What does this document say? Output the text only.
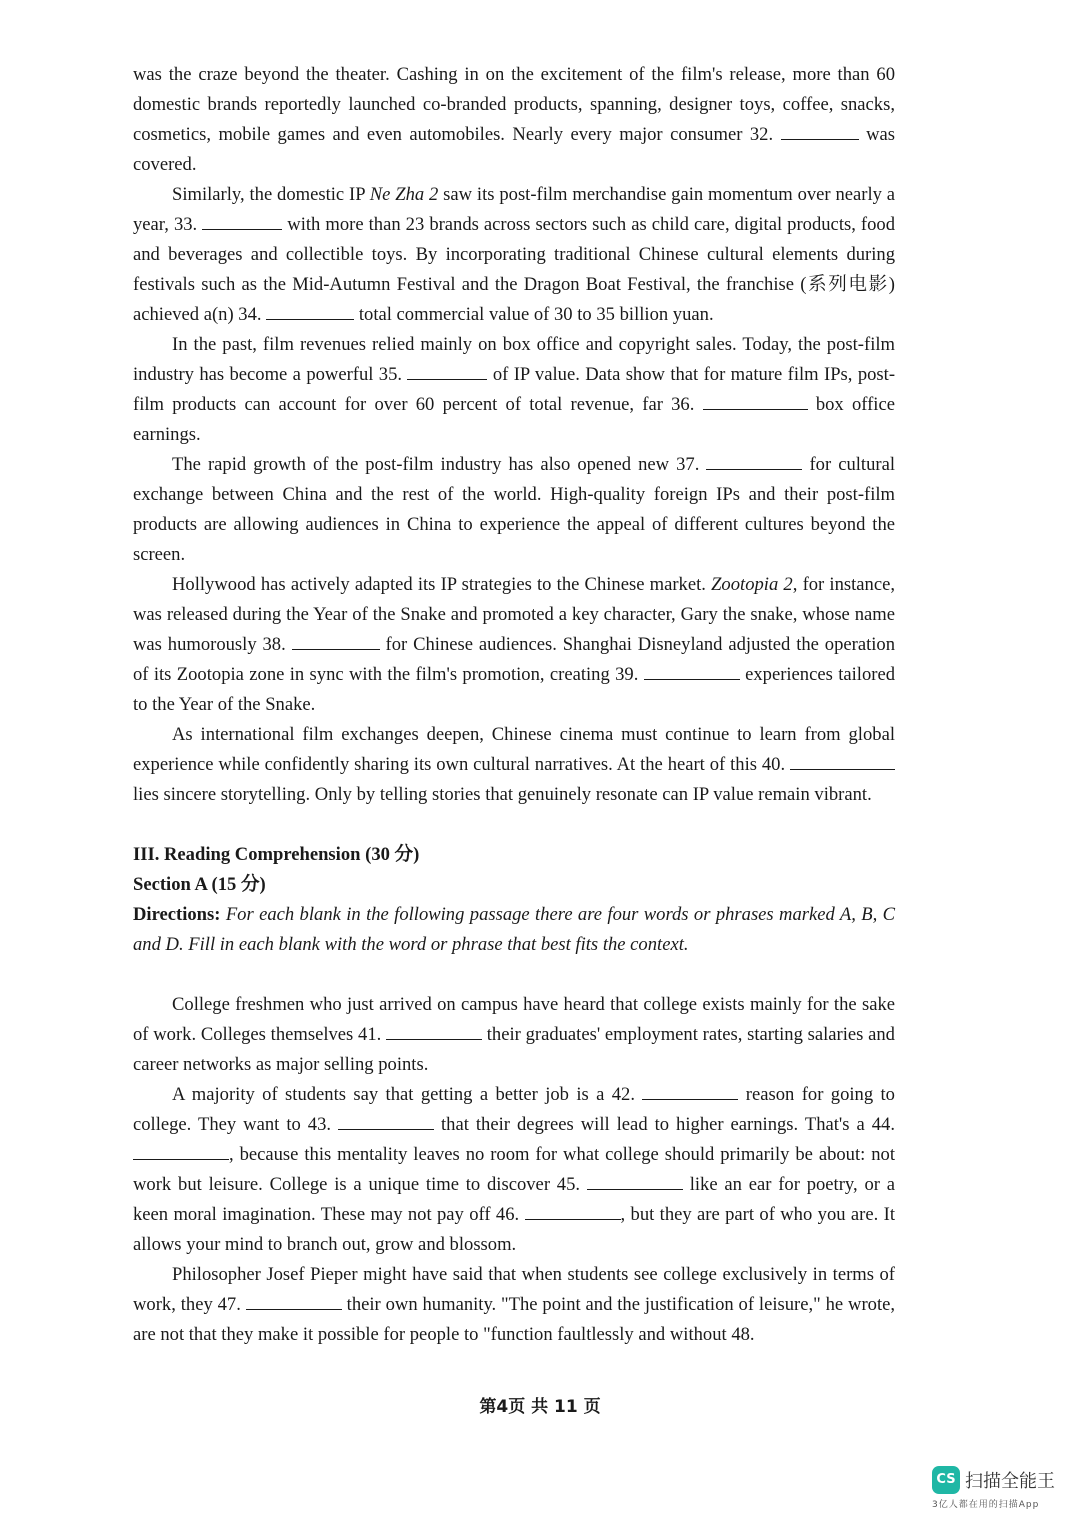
was the craze beyond the theater. Cashing in on the excitement of the film's release, more than 60 domestic brands reportedly launched co-branded products, spanning, designer toys, coffee, snacks, cosmetics, mobile games and even automobiles. Nearly every major consumer 32.	was covered.

Similarly, the domestic IP Ne Zha 2 saw its post-film merchandise gain momentum over nearly a year, 33.	with more than 23 brands across sectors such as child care, digital products, food and beverages and collectible toys. By incorporating traditional Chinese cultural elements during festivals such as the Mid-Autumn Festival and the Dragon Boat Festival, the franchise (系列电影) achieved a(n) 34.	total commercial value of 30 to 35 billion yuan.

In the past, film revenues relied mainly on box office and copyright sales. Today, the post-film industry has become a powerful 35.	of IP value. Data show that for mature film IPs, post-film products can account for over 60 percent of total revenue, far 36.	box office earnings.

The rapid growth of the post-film industry has also opened new 37.	for cultural exchange between China and the rest of the world. High-quality foreign IPs and their post-film products are allowing audiences in China to experience the appeal of different cultures beyond the screen.

Hollywood has actively adapted its IP strategies to the Chinese market. Zootopia 2, for instance, was released during the Year of the Snake and promoted a key character, Gary the snake, whose name was humorously 38.	for Chinese audiences. Shanghai Disneyland adjusted the operation of its Zootopia zone in sync with the film's promotion, creating 39.	experiences tailored to the Year of the Snake.

As international film exchanges deepen, Chinese cinema must continue to learn from global experience while confidently sharing its own cultural narratives. At the heart of this 40.  lies sincere storytelling. Only by telling stories that genuinely resonate can IP value remain vibrant.

III. Reading Comprehension (30 分)

Section A (15 分)

Directions: For each blank in the following passage there are four words or phrases marked A, B, C and D. Fill in each blank with the word or phrase that best fits the context.

College freshmen who just arrived on campus have heard that college exists mainly for the sake of work. Colleges themselves 41.	their graduates' employment rates, starting salaries and career networks as major selling points.

A majority of students say that getting a better job is a 42.	reason for going to college. They want to 43.	that their degrees will lead to higher earnings. That's a 44. , because this mentality leaves no room for what college should primarily be about: not work but leisure. College is a unique time to discover 45.	like an ear for poetry, or a keen moral imagination. These may not pay off 46.	, but they are part of who you are. It allows your mind to branch out, grow and blossom.

Philosopher Josef Pieper might have said that when students see college exclusively in terms of work, they 47.	their own humanity. "The point and the justification of leisure," he wrote, are not that they make it possible for people to "function faultlessly and without 48.

第4页 共 11 页
CS 扫描全能王
3亿人都在用的扫描App
